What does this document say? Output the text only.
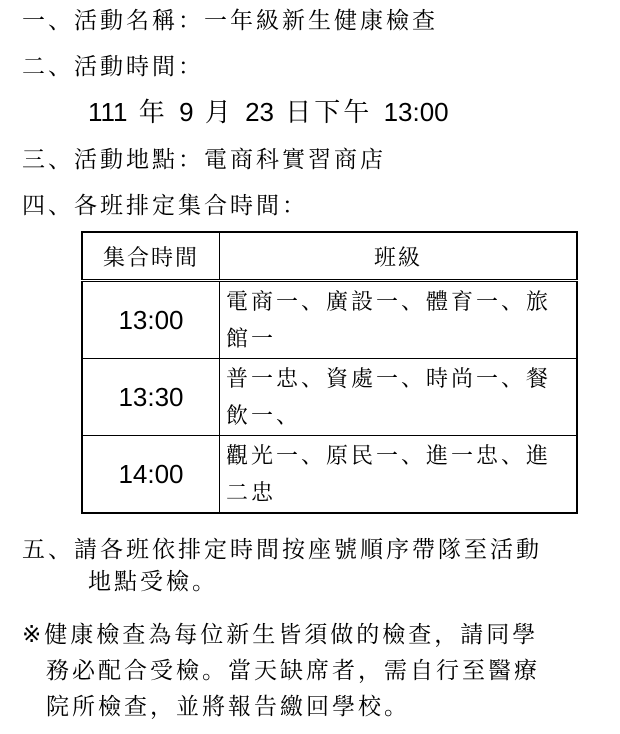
一、活動名稱：一年級新生健康檢查
二、活動時間：
111 年 9 月 23 日下午 13:00
三、活動地點：電商科實習商店
四、各班排定集合時間：
集合時間	班級
13:00	電商一、廣設一、體育一、旅館一
13:30	普一忠、資處一、時尚一、餐飲一、
14:00	觀光一、原民一、進一忠、進二忠
五、請各班依排定時間按座號順序帶隊至活動
地點受檢。
※健康檢查為每位新生皆須做的檢查，請同學
務必配合受檢。當天缺席者，需自行至醫療
院所檢查，並將報告繳回學校。
